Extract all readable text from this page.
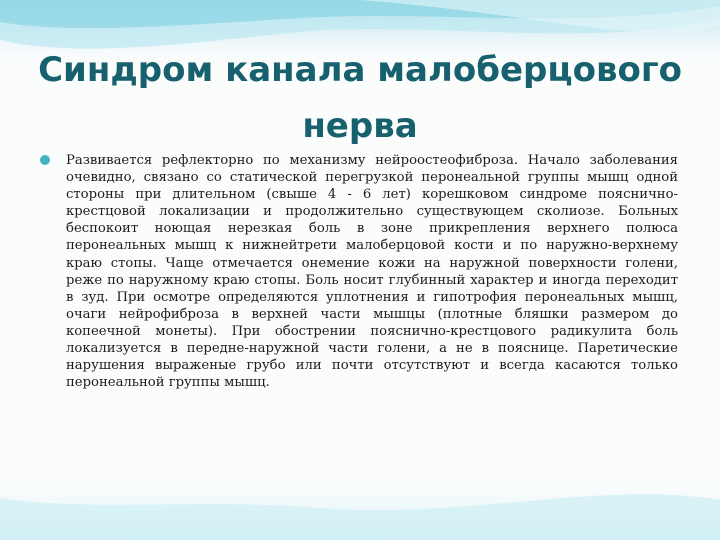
Синдром канала малоберцового нерва
Развивается рефлекторно по механизму нейроостеофиброза. Начало заболевания очевидно, связано со статической перегрузкой перонеальной группы мышц одной стороны при длительном (свыше 4 - 6 лет) корешковом синдроме пояснично-крестцовой локализации и продолжительно существующем сколиозе. Больных беспокоит ноющая нерезкая боль в зоне прикрепления верхнего полюса перонеальных мышц к нижнейтрети малоберцовой кости и по наружно-верхнему краю стопы. Чаще отмечается онемение кожи на наружной поверхности голени, реже по наружному краю стопы. Боль носит глубинный характер и иногда переходит в зуд. При осмотре определяются уплотнения и гипотрофия перонеальных мышц, очаги нейрофиброза в верхней части мышцы (плотные бляшки размером до копеечной монеты). При обострении пояснично-крестцового радикулита боль локализуется в передне-наружной части голени, а не в пояснице. Паретические нарушения выраженые грубо или почти отсутствуют и всегда касаются только перонеальной группы мышц.
